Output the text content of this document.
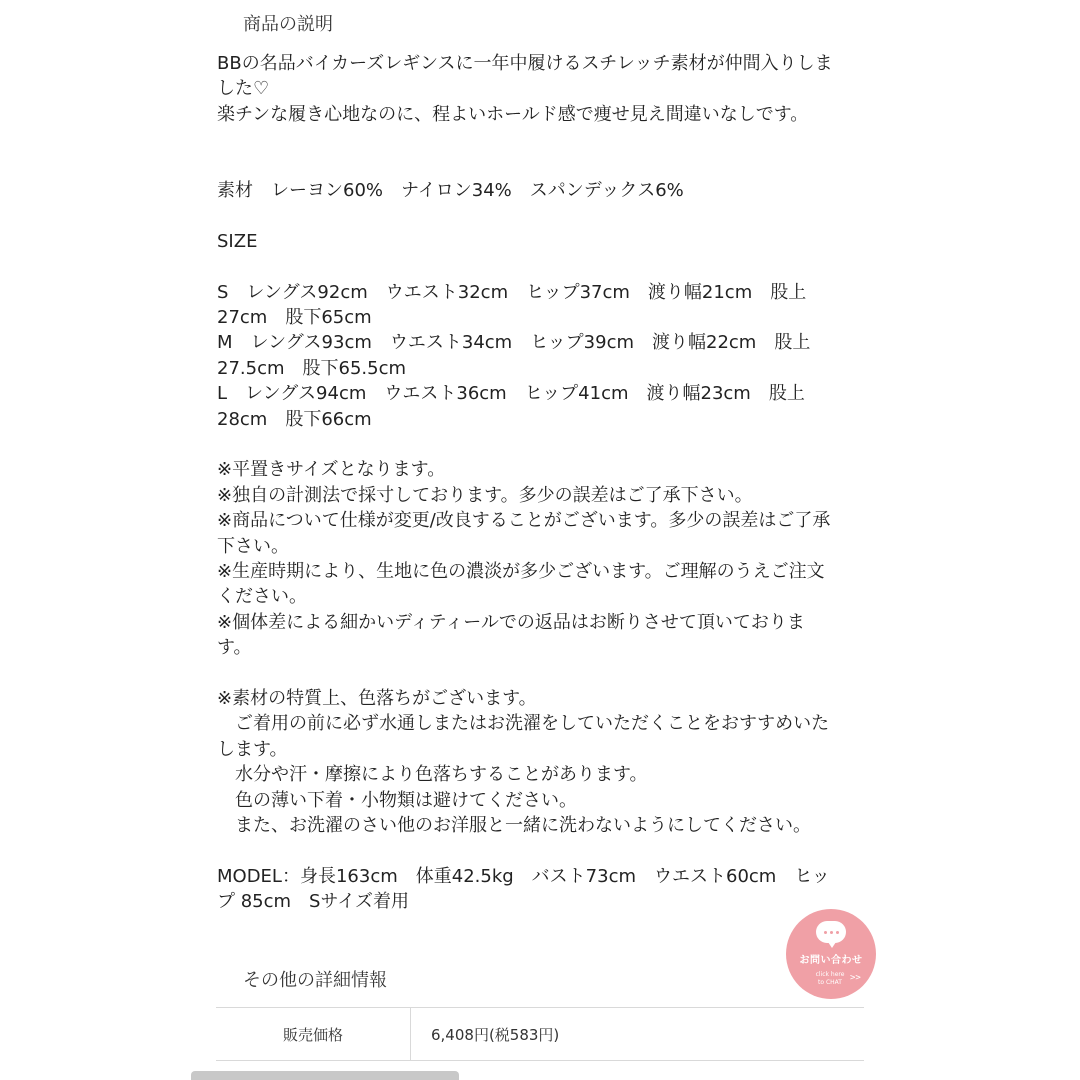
商品の説明
BBの名品バイカーズレギンスに一年中履けるスチレッチ素材が仲間入りしま
した♡
楽チンな履き心地なのに、程よいホールド感で痩せ見え間違いなしです。
素材　レーヨン60%　ナイロン34%　スパンデックス6%
SIZE
S　レングス92cm　ウエスト32cm　ヒップ37cm　渡り幅21cm　股上
27cm　股下65cm
M　レングス93cm　ウエスト34cm　ヒップ39cm　渡り幅22cm　股上
27.5cm　股下65.5cm
L　レングス94cm　ウエスト36cm　ヒップ41cm　渡り幅23cm　股上
28cm　股下66cm
※平置きサイズとなります。
※独自の計測法で採寸しております。多少の誤差はご了承下さい。
※商品について仕様が変更/改良することがございます。多少の誤差はご了承
下さい。
※生産時期により、生地に色の濃淡が多少ございます。ご理解のうえご注文
ください。
※個体差による細かいディティールでの返品はお断りさせて頂いておりま
す。
※素材の特質上、色落ちがございます。
　ご着用の前に必ず水通しまたはお洗濯をしていただくことをおすすめいた
します。
　水分や汗・摩擦により色落ちすることがあります。
　色の薄い下着・小物類は避けてください。
　また、お洗濯のさい他のお洋服と一緒に洗わないようにしてください。
MODEL：身長163cm　体重42.5kg　バスト73cm　ウエスト60cm　ヒッ
プ 85cm　Sサイズ着用
その他の詳細情報
販売価格	6,408円(税583円)
お問い合わせ
click here
to CHAT >>
